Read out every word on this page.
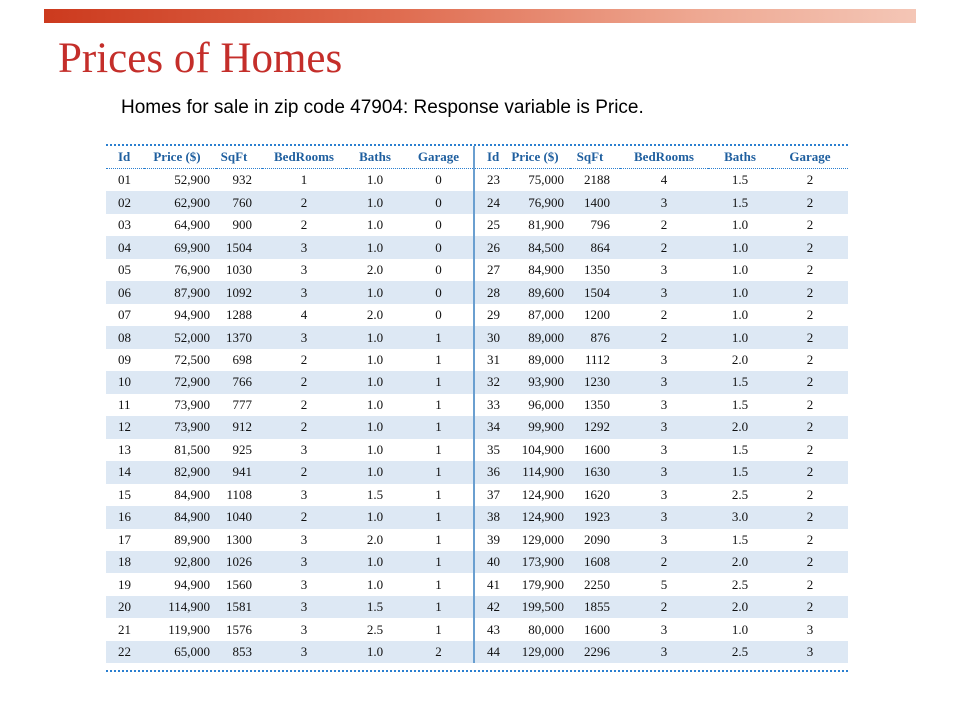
Prices of Homes
Homes for sale in zip code 47904: Response variable is Price.
Id	Price ($)	SqFt	BedRooms	Baths	Garage	Id	Price ($)	SqFt	BedRooms	Baths	Garage
01	52,900	932	1	1.0	0	23	75,000	2188	4	1.5	2
02	62,900	760	2	1.0	0	24	76,900	1400	3	1.5	2
03	64,900	900	2	1.0	0	25	81,900	796	2	1.0	2
04	69,900	1504	3	1.0	0	26	84,500	864	2	1.0	2
05	76,900	1030	3	2.0	0	27	84,900	1350	3	1.0	2
06	87,900	1092	3	1.0	0	28	89,600	1504	3	1.0	2
07	94,900	1288	4	2.0	0	29	87,000	1200	2	1.0	2
08	52,000	1370	3	1.0	1	30	89,000	876	2	1.0	2
09	72,500	698	2	1.0	1	31	89,000	1112	3	2.0	2
10	72,900	766	2	1.0	1	32	93,900	1230	3	1.5	2
11	73,900	777	2	1.0	1	33	96,000	1350	3	1.5	2
12	73,900	912	2	1.0	1	34	99,900	1292	3	2.0	2
13	81,500	925	3	1.0	1	35	104,900	1600	3	1.5	2
14	82,900	941	2	1.0	1	36	114,900	1630	3	1.5	2
15	84,900	1108	3	1.5	1	37	124,900	1620	3	2.5	2
16	84,900	1040	2	1.0	1	38	124,900	1923	3	3.0	2
17	89,900	1300	3	2.0	1	39	129,000	2090	3	1.5	2
18	92,800	1026	3	1.0	1	40	173,900	1608	2	2.0	2
19	94,900	1560	3	1.0	1	41	179,900	2250	5	2.5	2
20	114,900	1581	3	1.5	1	42	199,500	1855	2	2.0	2
21	119,900	1576	3	2.5	1	43	80,000	1600	3	1.0	3
22	65,000	853	3	1.0	2	44	129,000	2296	3	2.5	3
